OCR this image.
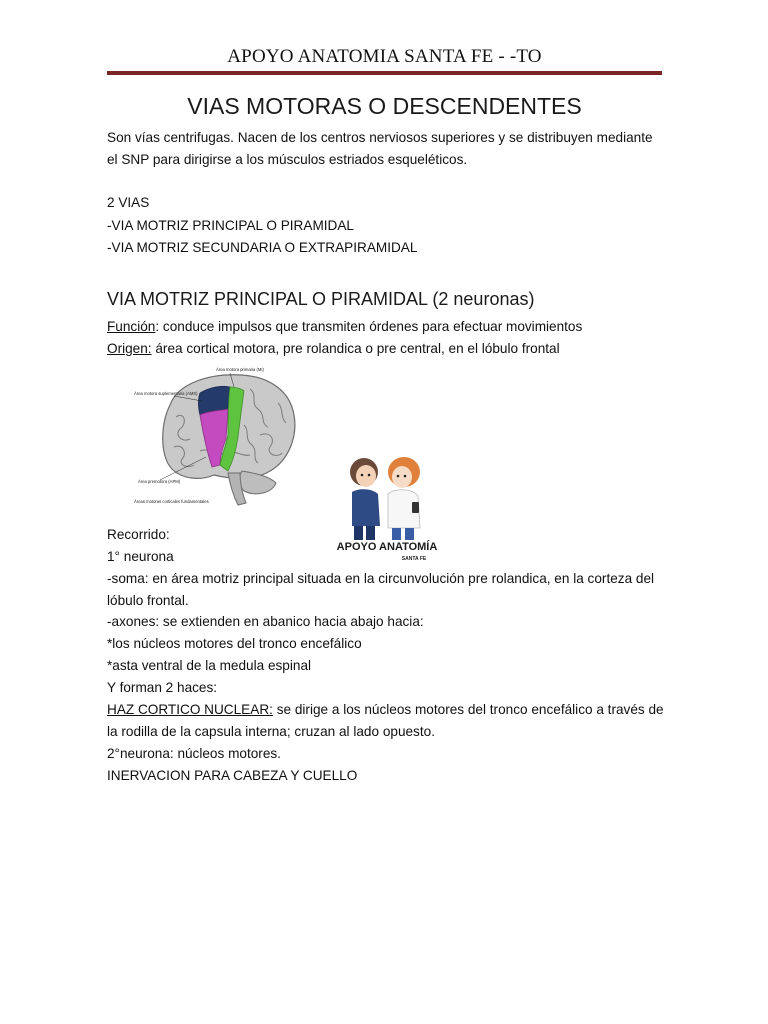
APOYO ANATOMIA SANTA FE - -TO
VIAS MOTORAS O DESCENDENTES
Son vías centrifugas. Nacen de los centros nerviosos superiores y se distribuyen mediante
el SNP para dirigirse a los músculos estriados esqueléticos.
2 VIAS
-VIA MOTRIZ PRINCIPAL O PIRAMIDAL
-VIA MOTRIZ SECUNDARIA O EXTRAPIRAMIDAL
VIA MOTRIZ PRINCIPAL O PIRAMIDAL (2 neuronas)
Función: conduce impulsos que transmiten órdenes para efectuar movimientos
Origen: área cortical motora, pre rolandica o pre central, en el lóbulo frontal
Área motora primaria (MI)
Área motora suplementaria (AMS)
Área premotora (APM)
Áreas motoras corticales fundamentales
APOYO ANATOMÍA
SANTA FE
Recorrido:
1° neurona
-soma: en área motriz principal situada en la circunvolución pre rolandica, en la corteza del
lóbulo frontal.
-axones: se extienden en abanico hacia abajo hacia:
*los núcleos motores del tronco encefálico
*asta ventral de la medula espinal
Y forman 2 haces:
HAZ CORTICO NUCLEAR: se dirige a los núcleos motores del tronco encefálico a través de
la rodilla de la capsula interna; cruzan al lado opuesto.
2°neurona: núcleos motores.
INERVACION PARA CABEZA Y CUELLO
